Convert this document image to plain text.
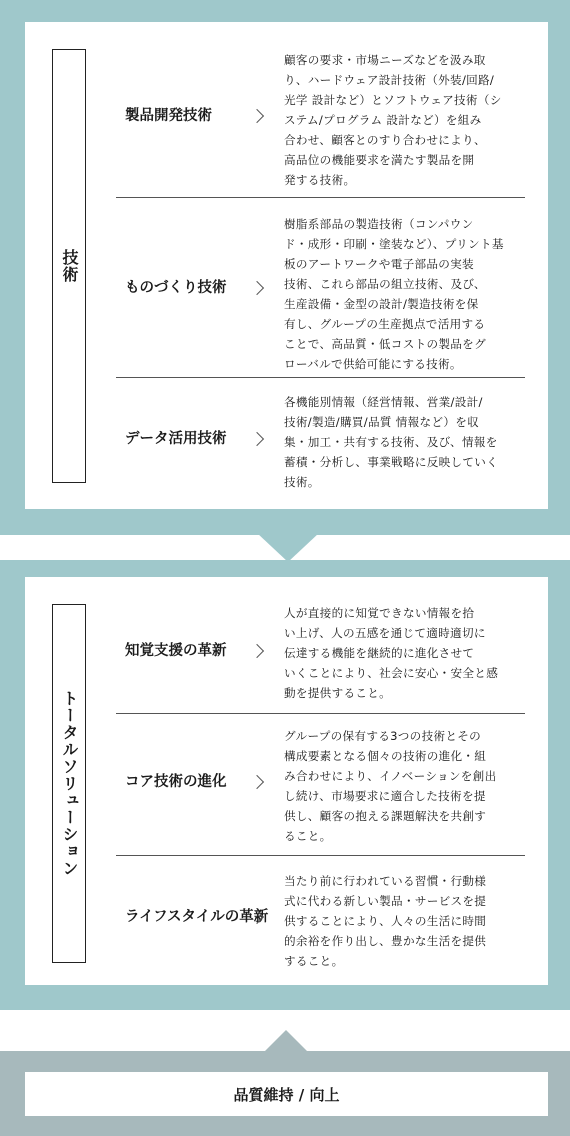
技術
製品開発技術

顧客の要求・市場ニーズなどを汲み取
り、ハードウェア設計技術（外装/回路/
光学 設計など）とソフトウェア技術（シ
ステム/プログラム 設計など）を組み
合わせ、顧客とのすり合わせにより、
高品位の機能要求を満たす製品を開
発する技術。

ものづくり技術

樹脂系部品の製造技術（コンパウン
ド・成形・印刷・塗装など）、プリント基
板のアートワークや電子部品の実装
技術、これら部品の組立技術、及び、
生産設備・金型の設計/製造技術を保
有し、グループの生産拠点で活用する
ことで、高品質・低コストの製品をグ
ローバルで供給可能にする技術。

データ活用技術

各機能別情報（経営情報、営業/設計/
技術/製造/購買/品質 情報など）を収
集・加工・共有する技術、及び、情報を
蓄積・分析し、事業戦略に反映していく
技術。

トータルソリューション
知覚支援の革新

人が直接的に知覚できない情報を拾
い上げ、人の五感を通じて適時適切に
伝達する機能を継続的に進化させて
いくことにより、社会に安心・安全と感
動を提供すること。

コア技術の進化

グループの保有する3つの技術とその
構成要素となる個々の技術の進化・組
み合わせにより、イノベーションを創出
し続け、市場要求に適合した技術を提
供し、顧客の抱える課題解決を共創す
ること。

ライフスタイルの革新

当たり前に行われている習慣・行動様
式に代わる新しい製品・サービスを提
供することにより、人々の生活に時間
的余裕を作り出し、豊かな生活を提供
すること。

品質維持 / 向上
